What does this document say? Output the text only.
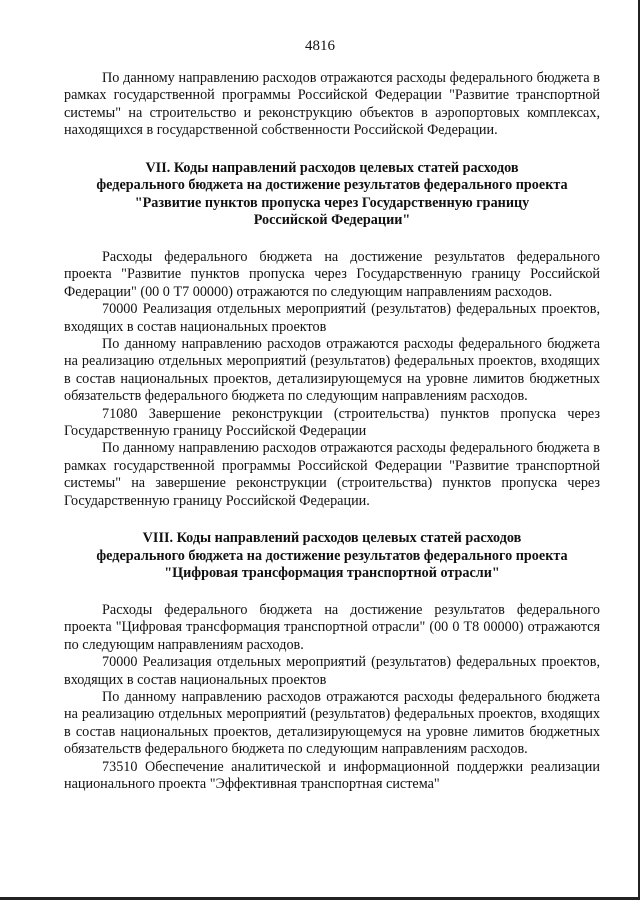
4816

По данному направлению расходов отражаются расходы федерального бюджета в рамках государственной программы Российской Федерации "Развитие транспортной системы" на строительство и реконструкцию объектов в аэропортовых комплексах, находящихся в государственной собственности Российской Федерации.

VII. Коды направлений расходов целевых статей расходов
федерального бюджета на достижение результатов федерального проекта
"Развитие пунктов пропуска через Государственную границу
Российской Федерации"

Расходы федерального бюджета на достижение результатов федерального проекта "Развитие пунктов пропуска через Государственную границу Российской Федерации" (00 0 Т7 00000) отражаются по следующим направлениям расходов.

70000 Реализация отдельных мероприятий (результатов) федеральных проектов, входящих в состав национальных проектов

По данному направлению расходов отражаются расходы федерального бюджета на реализацию отдельных мероприятий (результатов) федеральных проектов, входящих в состав национальных проектов, детализирующемуся на уровне лимитов бюджетных обязательств федерального бюджета по следующим направлениям расходов.

71080 Завершение реконструкции (строительства) пунктов пропуска через Государственную границу Российской Федерации

По данному направлению расходов отражаются расходы федерального бюджета в рамках государственной программы Российской Федерации "Развитие транспортной системы" на завершение реконструкции (строительства) пунктов пропуска через Государственную границу Российской Федерации.

VIII. Коды направлений расходов целевых статей расходов
федерального бюджета на достижение результатов федерального проекта
"Цифровая трансформация транспортной отрасли"

Расходы федерального бюджета на достижение результатов федерального проекта "Цифровая трансформация транспортной отрасли" (00 0 Т8 00000) отражаются по следующим направлениям расходов.

70000 Реализация отдельных мероприятий (результатов) федеральных проектов, входящих в состав национальных проектов

По данному направлению расходов отражаются расходы федерального бюджета на реализацию отдельных мероприятий (результатов) федеральных проектов, входящих в состав национальных проектов, детализирующемуся на уровне лимитов бюджетных обязательств федерального бюджета по следующим направлениям расходов.

73510 Обеспечение аналитической и информационной поддержки реализации национального проекта "Эффективная транспортная система"
